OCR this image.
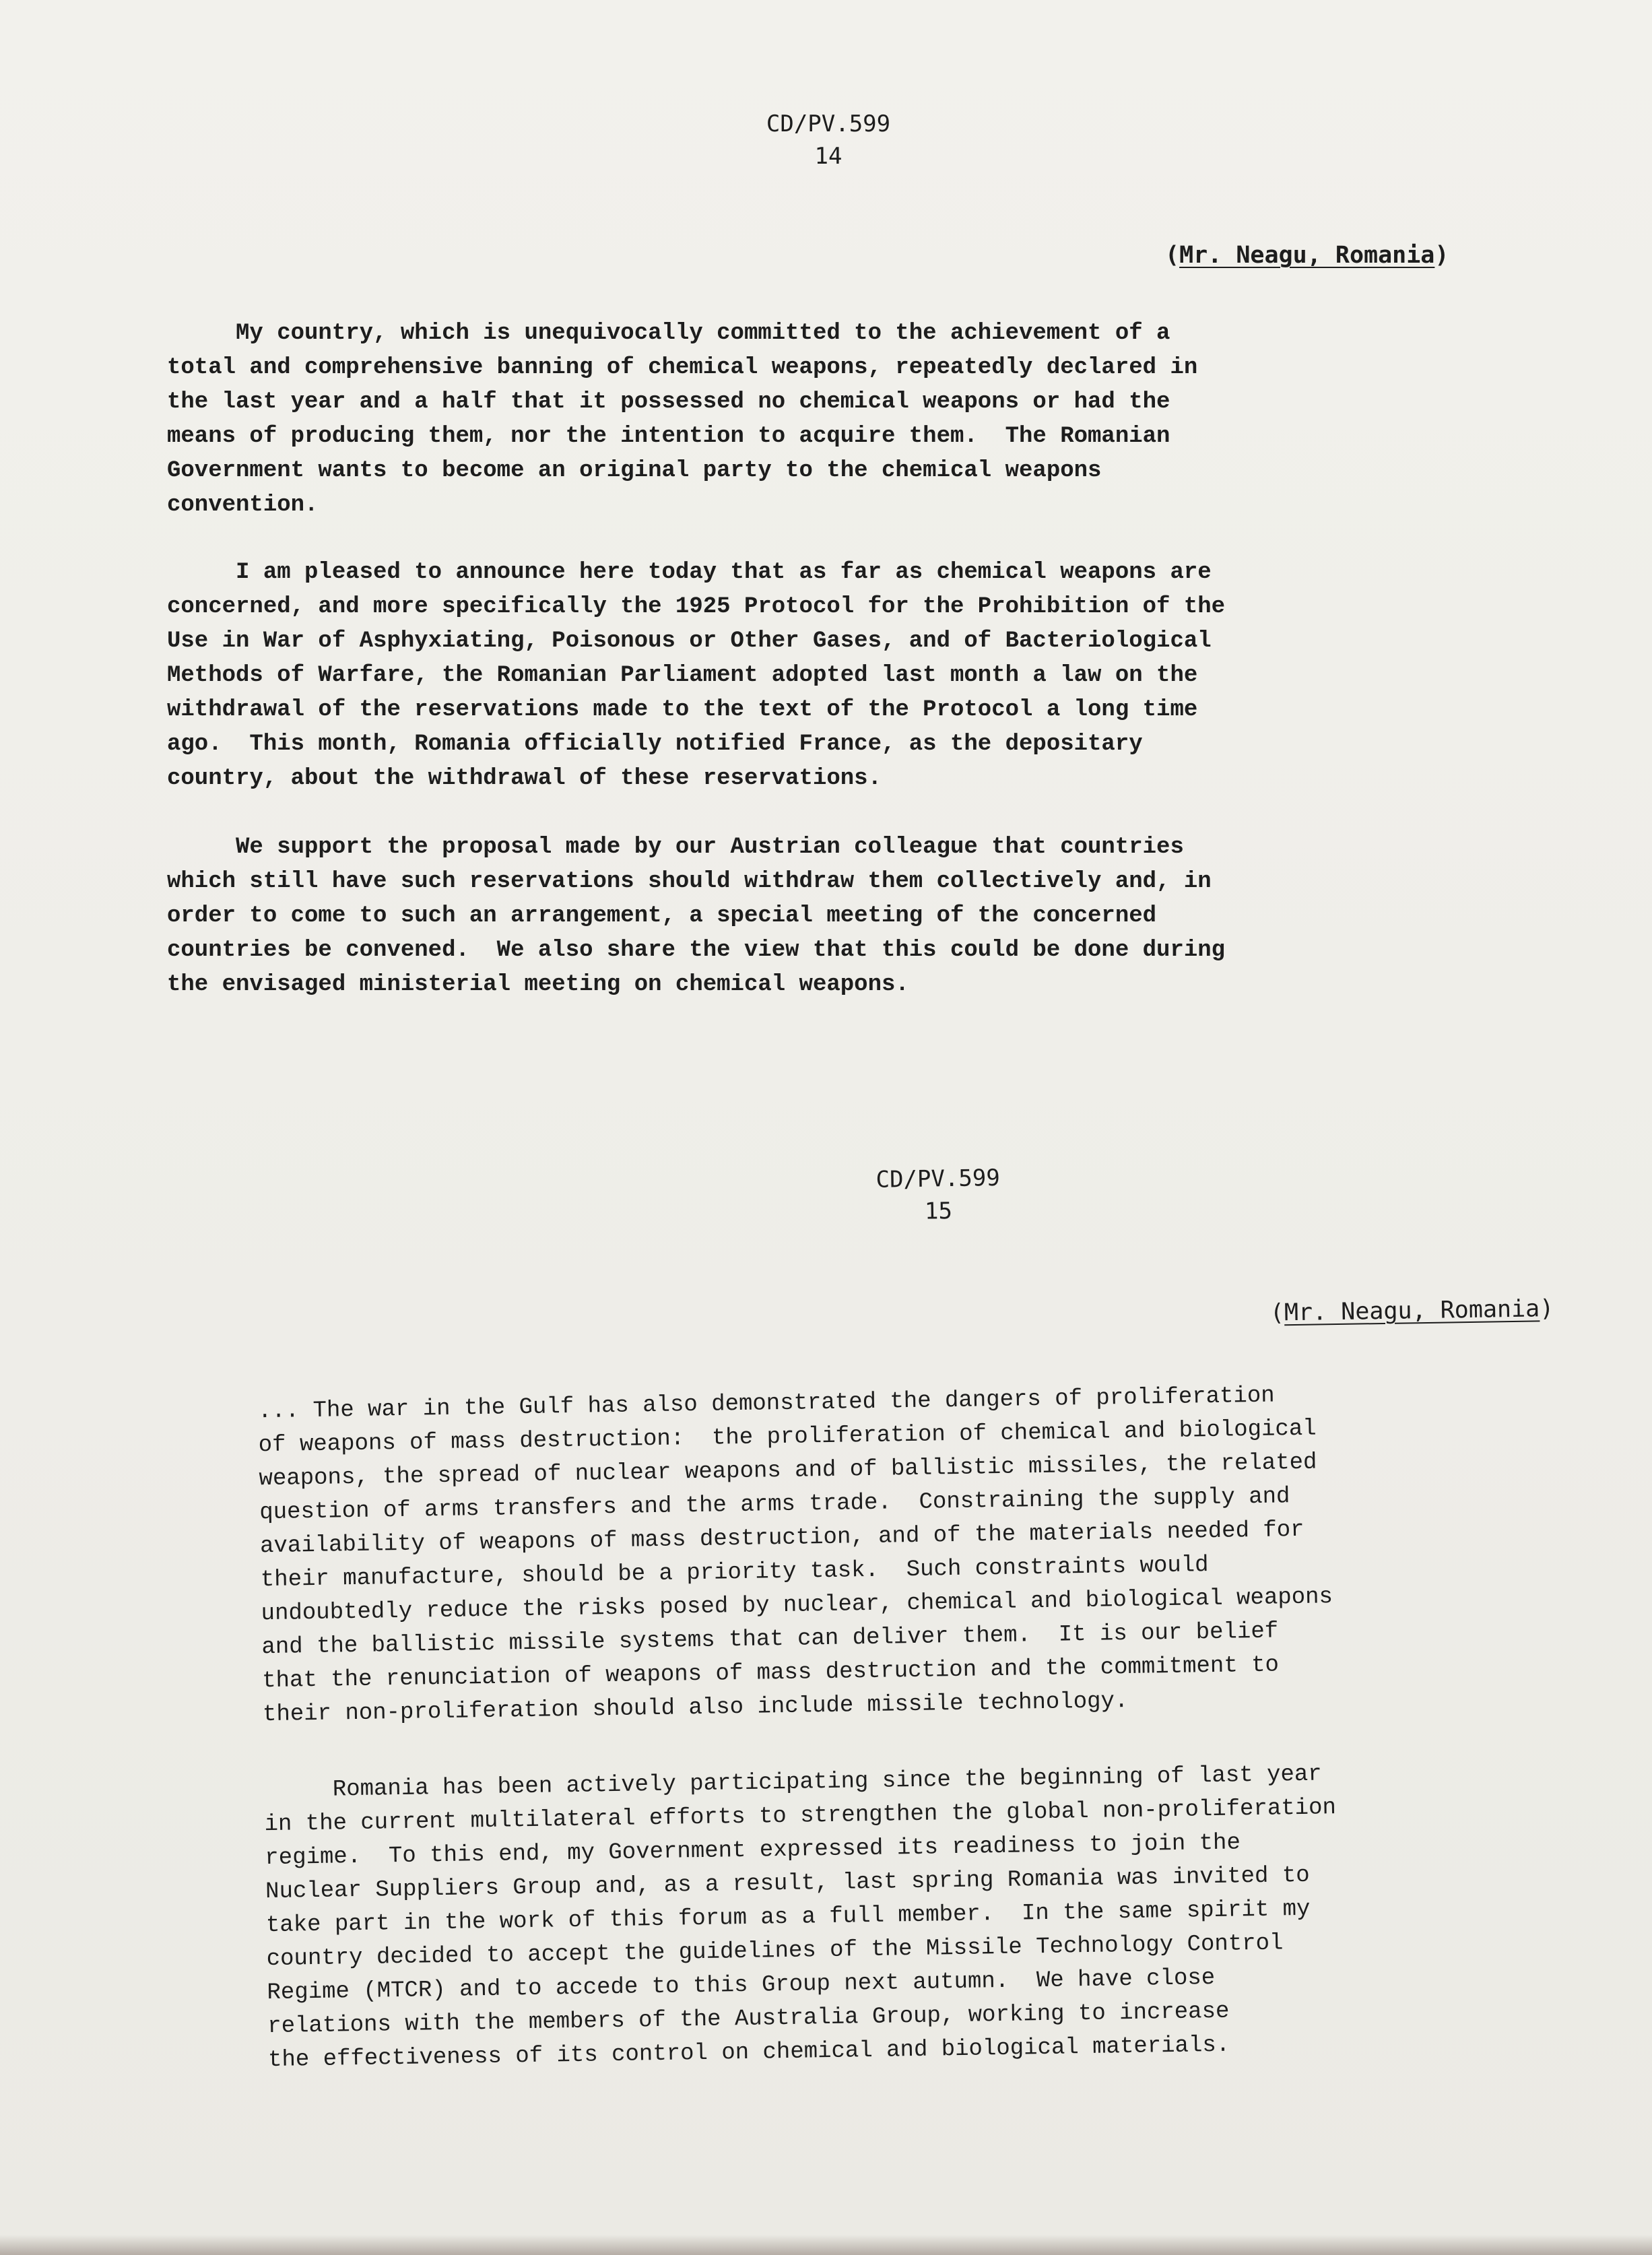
CD/PV.599
14
(Mr. Neagu, Romania)
My country, which is unequivocally committed to the achievement of a
total and comprehensive banning of chemical weapons, repeatedly declared in
the last year and a half that it possessed no chemical weapons or had the
means of producing them, nor the intention to acquire them.  The Romanian
Government wants to become an original party to the chemical weapons
convention.
I am pleased to announce here today that as far as chemical weapons are
concerned, and more specifically the 1925 Protocol for the Prohibition of the
Use in War of Asphyxiating, Poisonous or Other Gases, and of Bacteriological
Methods of Warfare, the Romanian Parliament adopted last month a law on the
withdrawal of the reservations made to the text of the Protocol a long time
ago.  This month, Romania officially notified France, as the depositary
country, about the withdrawal of these reservations.
We support the proposal made by our Austrian colleague that countries
which still have such reservations should withdraw them collectively and, in
order to come to such an arrangement, a special meeting of the concerned
countries be convened.  We also share the view that this could be done during
the envisaged ministerial meeting on chemical weapons.
CD/PV.599
15
(Mr. Neagu, Romania)
... The war in the Gulf has also demonstrated the dangers of proliferation
of weapons of mass destruction:  the proliferation of chemical and biological
weapons, the spread of nuclear weapons and of ballistic missiles, the related
question of arms transfers and the arms trade.  Constraining the supply and
availability of weapons of mass destruction, and of the materials needed for
their manufacture, should be a priority task.  Such constraints would
undoubtedly reduce the risks posed by nuclear, chemical and biological weapons
and the ballistic missile systems that can deliver them.  It is our belief
that the renunciation of weapons of mass destruction and the commitment to
their non-proliferation should also include missile technology.
Romania has been actively participating since the beginning of last year
in the current multilateral efforts to strengthen the global non-proliferation
regime.  To this end, my Government expressed its readiness to join the
Nuclear Suppliers Group and, as a result, last spring Romania was invited to
take part in the work of this forum as a full member.  In the same spirit my
country decided to accept the guidelines of the Missile Technology Control
Regime (MTCR) and to accede to this Group next autumn.  We have close
relations with the members of the Australia Group, working to increase
the effectiveness of its control on chemical and biological materials.
